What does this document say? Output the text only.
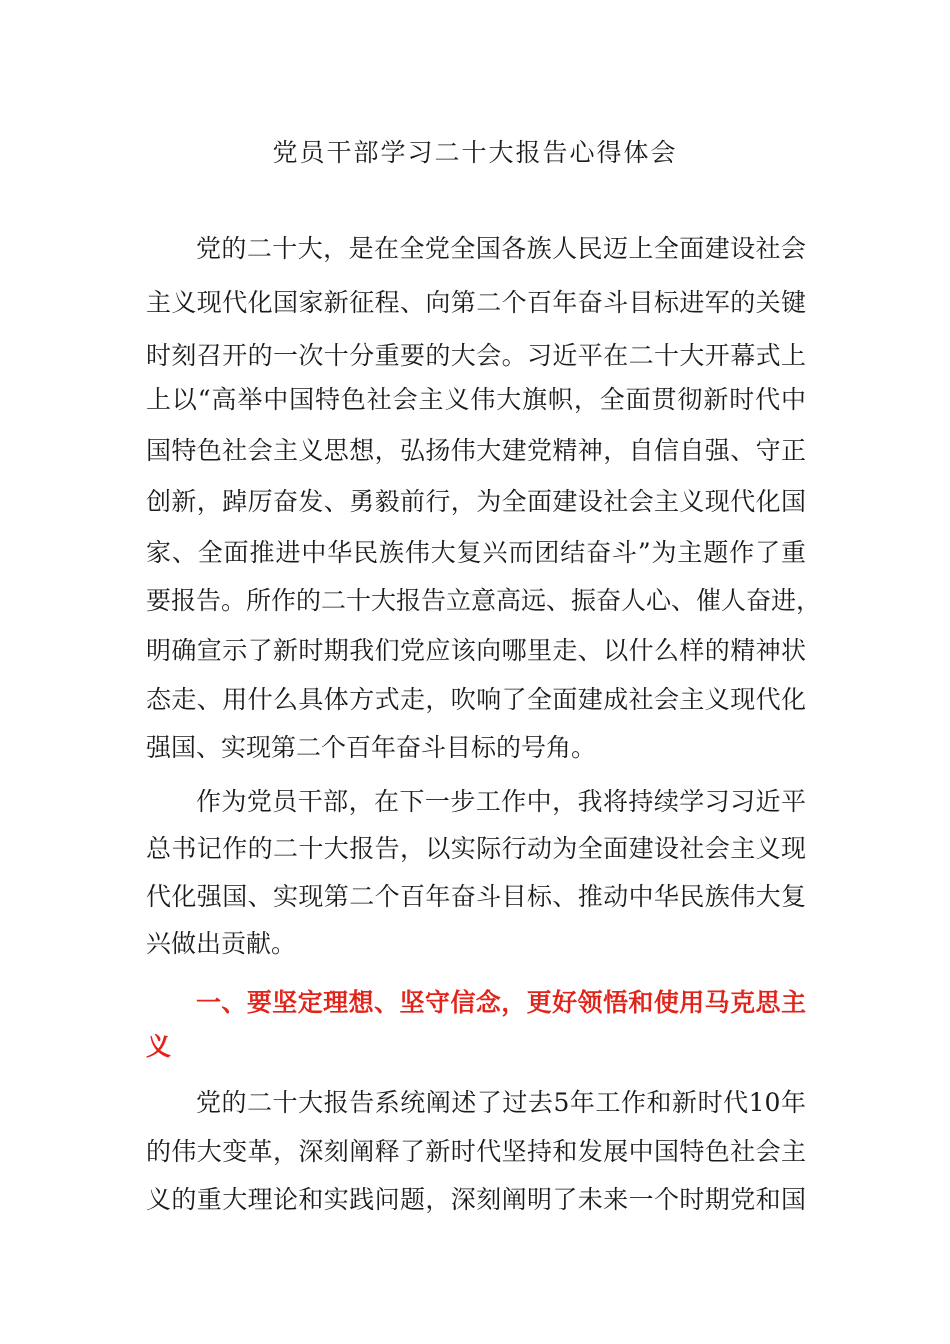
党员干部学习二十大报告心得体会

党的二十大，是在全党全国各族人民迈上全面建设社会

主义现代化国家新征程、向第二个百年奋斗目标进军的关键

时刻召开的一次十分重要的大会。习近平在二十大开幕式上

上以“高举中国特色社会主义伟大旗帜，全面贯彻新时代中

国特色社会主义思想，弘扬伟大建党精神，自信自强、守正

创新，踔厉奋发、勇毅前行，为全面建设社会主义现代化国

家、全面推进中华民族伟大复兴而团结奋斗”为主题作了重

要报告。所作的二十大报告立意高远、振奋人心、催人奋进，

明确宣示了新时期我们党应该向哪里走、以什么样的精神状

态走、用什么具体方式走，吹响了全面建成社会主义现代化

强国、实现第二个百年奋斗目标的号角。

作为党员干部，在下一步工作中，我将持续学习习近平

总书记作的二十大报告，以实际行动为全面建设社会主义现

代化强国、实现第二个百年奋斗目标、推动中华民族伟大复

兴做出贡献。

一、要坚定理想、坚守信念，更好领悟和使用马克思主

义

党的二十大报告系统阐述了过去5年工作和新时代10年

的伟大变革，深刻阐释了新时代坚持和发展中国特色社会主

义的重大理论和实践问题，深刻阐明了未来一个时期党和国
